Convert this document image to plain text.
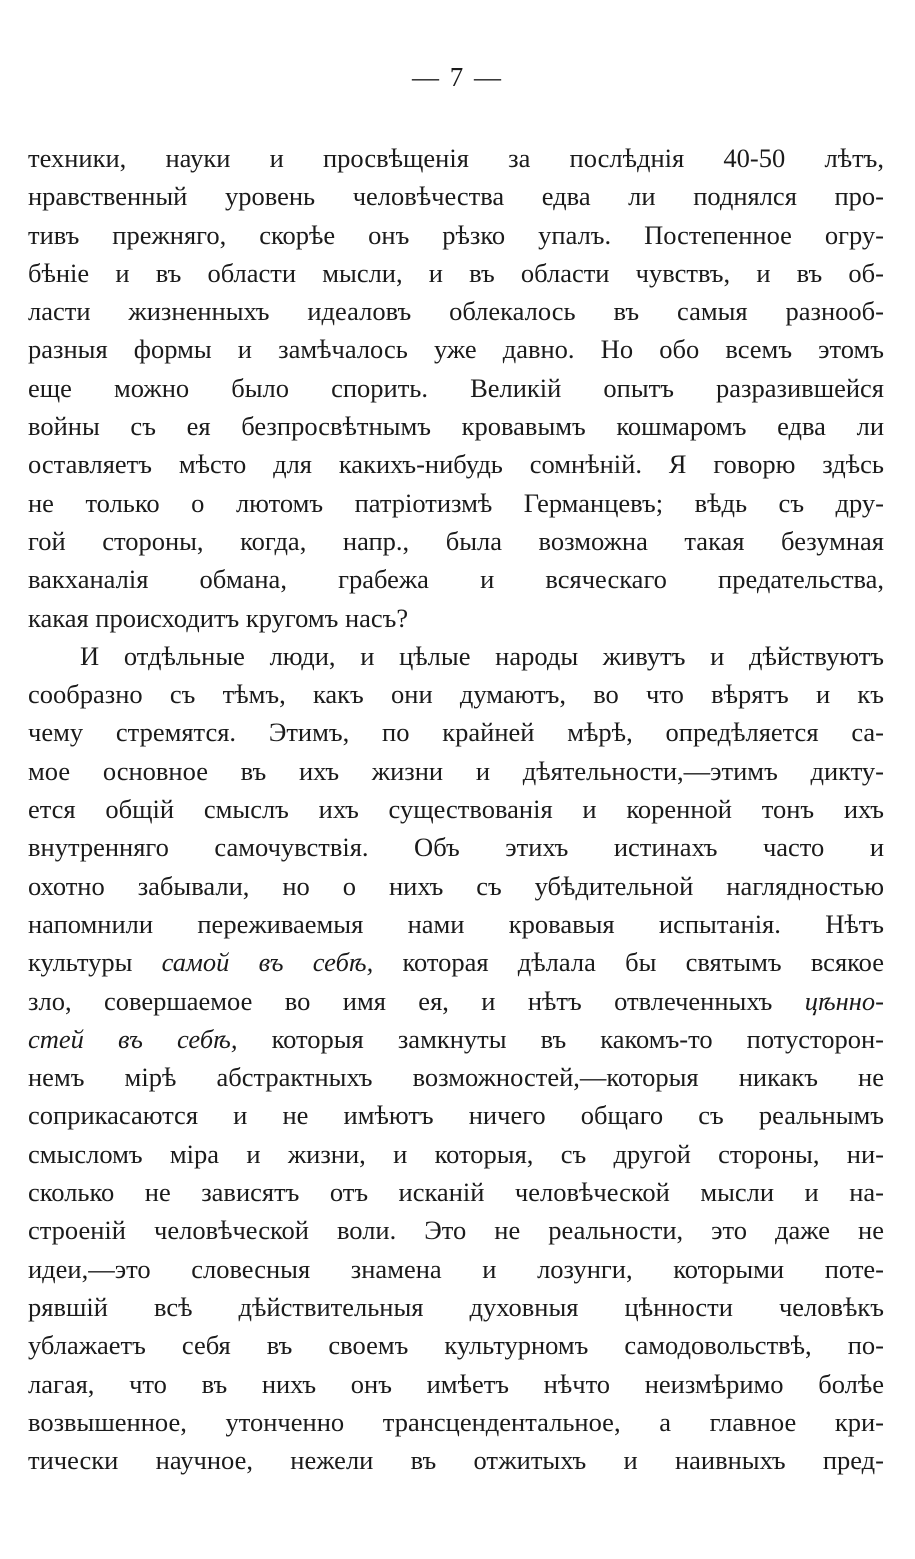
— 7 —
техники, науки и просвѣщенія за послѣднія 40-50 лѣтъ,
нравственный уровень человѣчества едва ли поднялся про-
тивъ прежняго, скорѣе онъ рѣзко упалъ. Постепенное огру-
бѣніе и въ области мысли, и въ области чувствъ, и въ об-
ласти жизненныхъ идеаловъ облекалось въ самыя разнооб-
разныя формы и замѣчалось уже давно. Но обо всемъ этомъ
еще можно было спорить. Великій опытъ разразившейся
войны съ ея безпросвѣтнымъ кровавымъ кошмаромъ едва ли
оставляетъ мѣсто для какихъ-нибудь сомнѣній. Я говорю здѣсь
не только о лютомъ патріотизмѣ Германцевъ; вѣдь съ дру-
гой стороны, когда, напр., была возможна такая безумная
вакханалія обмана, грабежа и всяческаго предательства,
какая происходитъ кругомъ насъ?
И отдѣльные люди, и цѣлые народы живутъ и дѣйствуютъ
сообразно съ тѣмъ, какъ они думаютъ, во что вѣрятъ и къ
чему стремятся. Этимъ, по крайней мѣрѣ, опредѣляется са-
мое основное въ ихъ жизни и дѣятельности,—этимъ дикту-
ется общій смыслъ ихъ существованія и коренной тонъ ихъ
внутренняго самочувствія. Объ этихъ истинахъ часто и
охотно забывали, но о нихъ съ убѣдительной наглядностью
напомнили переживаемыя нами кровавыя испытанія. Нѣтъ
культуры самой въ себѣ, которая дѣлала бы святымъ всякое
зло, совершаемое во имя ея, и нѣтъ отвлеченныхъ цѣнно-
стей въ себѣ, которыя замкнуты въ какомъ-то потусторон-
немъ мірѣ абстрактныхъ возможностей,—которыя никакъ не
соприкасаются и не имѣютъ ничего общаго съ реальнымъ
смысломъ міра и жизни, и которыя, съ другой стороны, ни-
сколько не зависятъ отъ исканій человѣческой мысли и на-
строеній человѣческой воли. Это не реальности, это даже не
идеи,—это словесныя знамена и лозунги, которыми поте-
рявшій всѣ дѣйствительныя духовныя цѣнности человѣкъ
ублажаетъ себя въ своемъ культурномъ самодовольствѣ, по-
лагая, что въ нихъ онъ имѣетъ нѣчто неизмѣримо болѣе
возвышенное, утонченно трансцендентальное, а главное кри-
тически научное, нежели въ отжитыхъ и наивныхъ пред-
